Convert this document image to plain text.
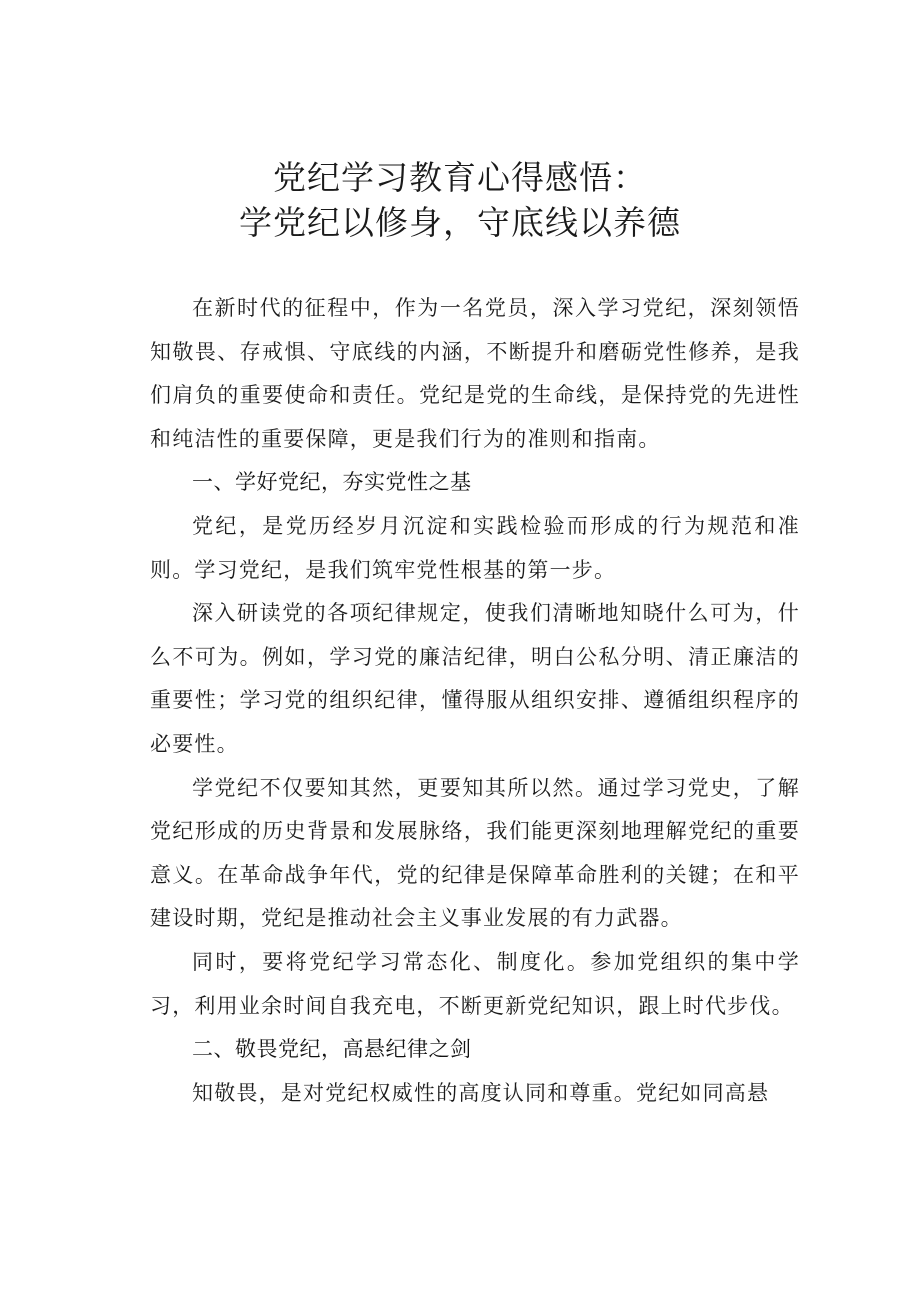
党纪学习教育心得感悟：
学党纪以修身，守底线以养德

在新时代的征程中，作为一名党员，深入学习党纪，深刻领悟知敬畏、存戒惧、守底线的内涵，不断提升和磨砺党性修养，是我们肩负的重要使命和责任。党纪是党的生命线，是保持党的先进性和纯洁性的重要保障，更是我们行为的准则和指南。

一、学好党纪，夯实党性之基

党纪，是党历经岁月沉淀和实践检验而形成的行为规范和准则。学习党纪，是我们筑牢党性根基的第一步。

深入研读党的各项纪律规定，使我们清晰地知晓什么可为，什么不可为。例如，学习党的廉洁纪律，明白公私分明、清正廉洁的重要性；学习党的组织纪律，懂得服从组织安排、遵循组织程序的必要性。

学党纪不仅要知其然，更要知其所以然。通过学习党史，了解党纪形成的历史背景和发展脉络，我们能更深刻地理解党纪的重要意义。在革命战争年代，党的纪律是保障革命胜利的关键；在和平建设时期，党纪是推动社会主义事业发展的有力武器。

同时，要将党纪学习常态化、制度化。参加党组织的集中学习，利用业余时间自我充电，不断更新党纪知识，跟上时代步伐。

二、敬畏党纪，高悬纪律之剑

知敬畏，是对党纪权威性的高度认同和尊重。党纪如同高悬
